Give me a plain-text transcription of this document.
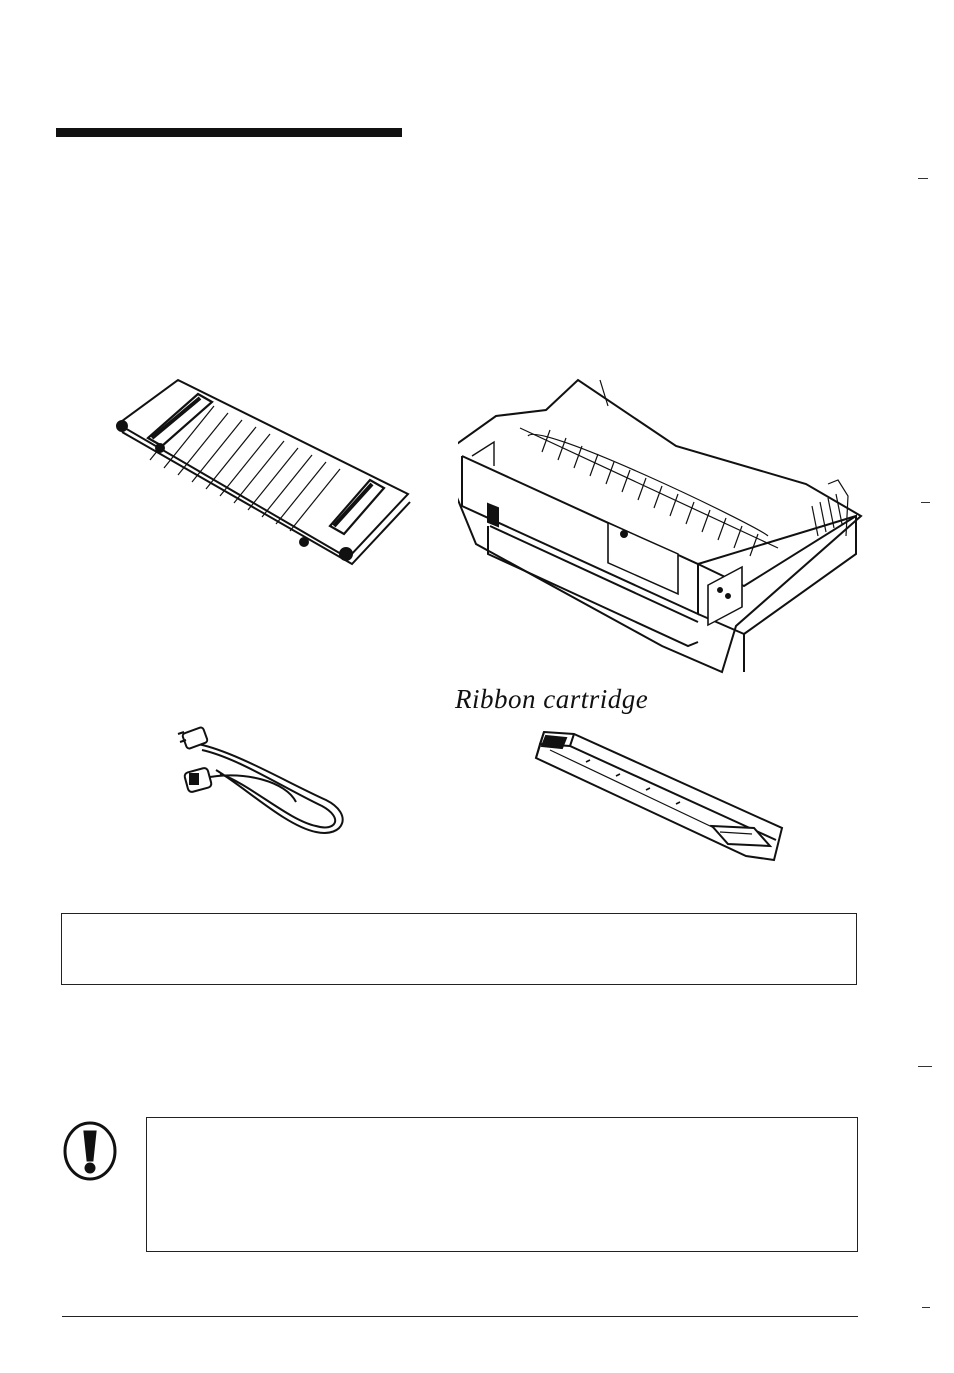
Ribbon cartridge
